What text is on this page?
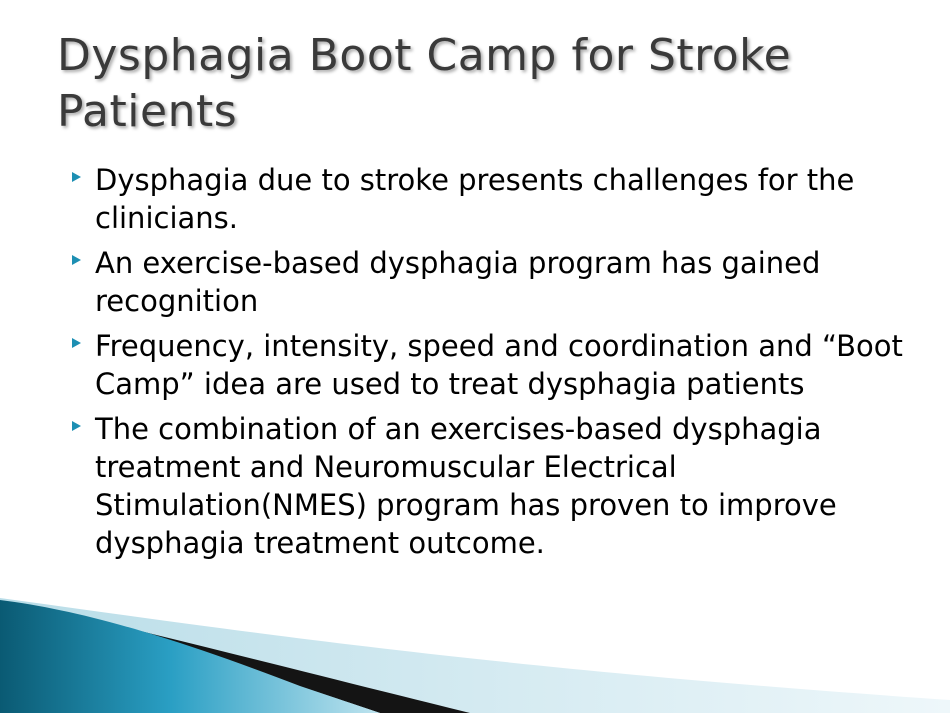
Dysphagia Boot Camp for Stroke Patients
Dysphagia due to stroke presents challenges for the clinicians.
An exercise-based dysphagia program has gained recognition
Frequency, intensity, speed and coordination and “Boot Camp” idea are used to treat dysphagia patients
The combination of an exercises-based dysphagia treatment and Neuromuscular Electrical Stimulation(NMES) program has proven to improve dysphagia treatment outcome.
